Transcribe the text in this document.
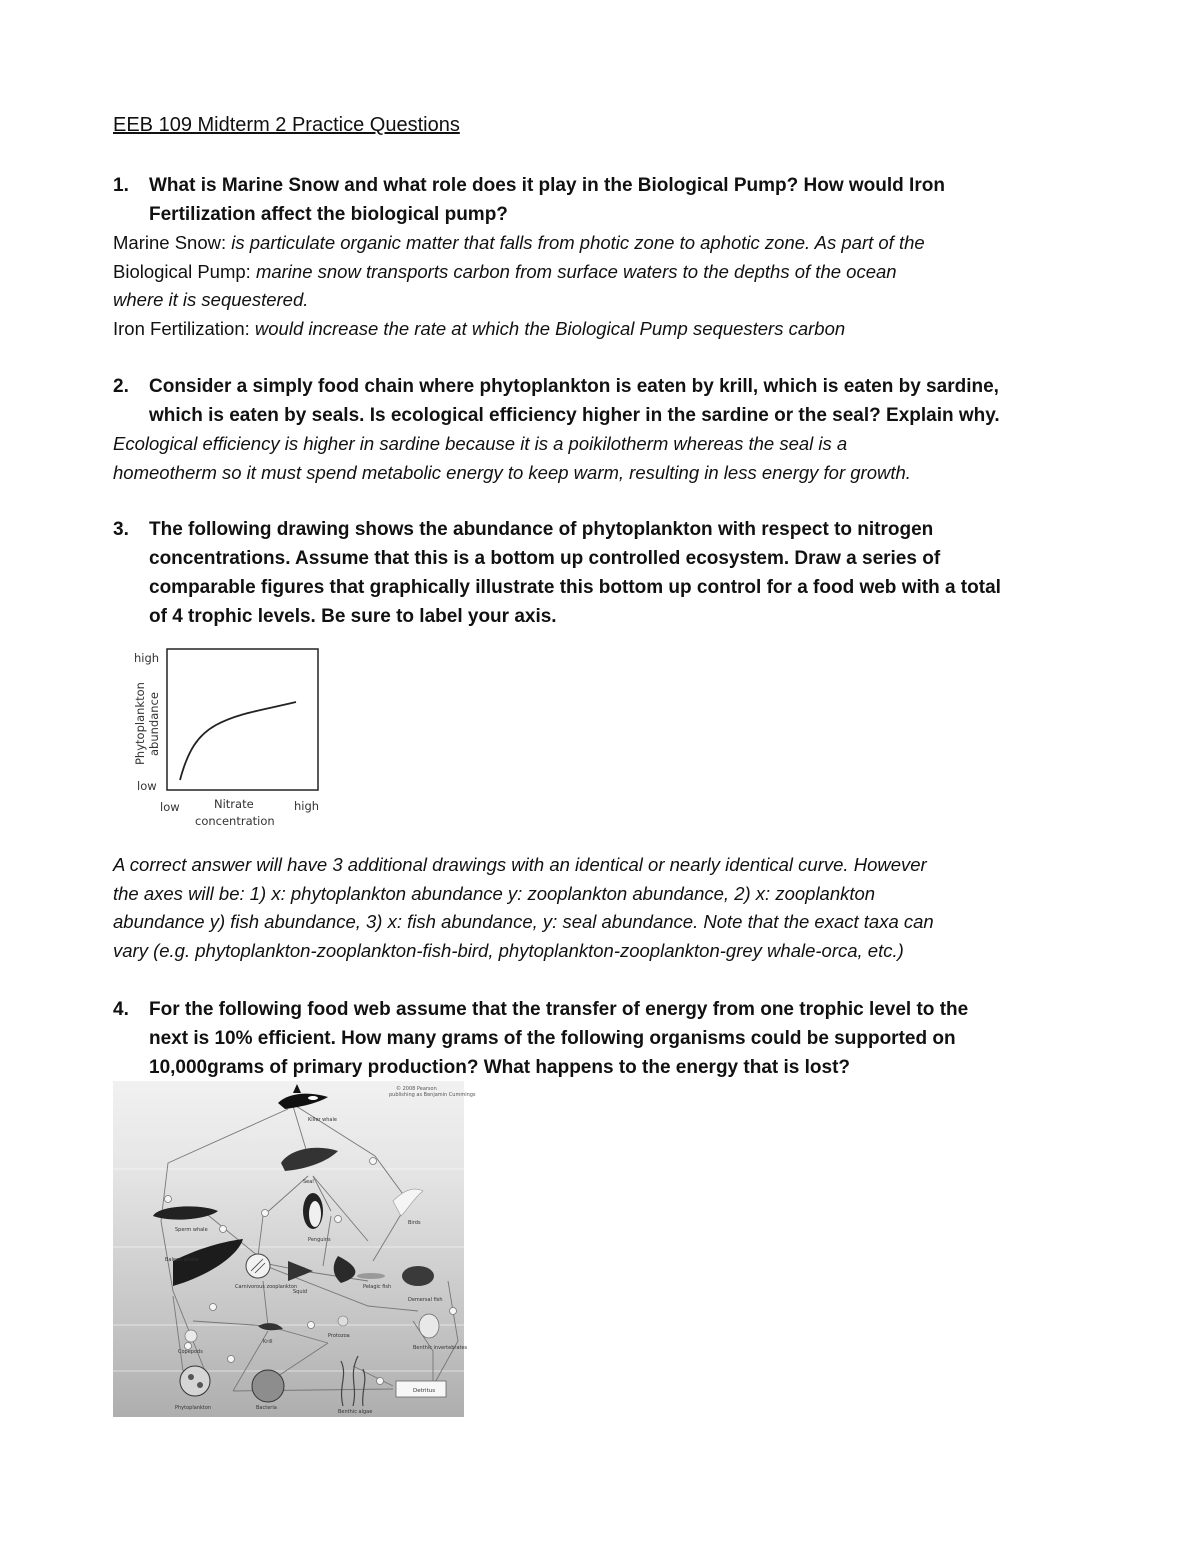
EEB 109 Midterm 2 Practice Questions
1. What is Marine Snow and what role does it play in the Biological Pump? How would Iron
Fertilization affect the biological pump?
Marine Snow: is particulate organic matter that falls from photic zone to aphotic zone. As part of the
Biological Pump: marine snow transports carbon from surface waters to the depths of the ocean
where it is sequestered.
Iron Fertilization: would increase the rate at which the Biological Pump sequesters carbon
2. Consider a simply food chain where phytoplankton is eaten by krill, which is eaten by sardine,
which is eaten by seals. Is ecological efficiency higher in the sardine or the seal? Explain why.
Ecological efficiency is higher in sardine because it is a poikilotherm whereas the seal is a
homeotherm so it must spend metabolic energy to keep warm, resulting in less energy for growth.
3. The following drawing shows the abundance of phytoplankton with respect to nitrogen
concentrations. Assume that this is a bottom up controlled ecosystem. Draw a series of
comparable figures that graphically illustrate this bottom up control for a food web with a total
of 4 trophic levels. Be sure to label your axis.
high
low
Phytoplankton abundance
low	high
Nitrate
concentration
A correct answer will have 3 additional drawings with an identical or nearly identical curve. However
the axes will be: 1) x: phytoplankton abundance y: zooplankton abundance, 2) x: zooplankton
abundance y) fish abundance, 3) x: fish abundance, y: seal abundance. Note that the exact taxa can
vary (e.g. phytoplankton-zooplankton-fish-bird, phytoplankton-zooplankton-grey whale-orca, etc.)
4. For the following food web assume that the transfer of energy from one trophic level to the
next is 10% efficient. How many grams of the following organisms could be supported on
10,000grams of primary production? What happens to the energy that is lost?
© 2008 Pearson
publishing as Benjamin Cummings
Killer whale
Seal
Sperm whale
Penguins
Birds
Baleen whale
Carnivorous zooplankton
Squid
Pelagic fish
Demersal fish
Copepods
Krill
Protozoa
Benthic invertebrates
Phytoplankton	Bacteria
Benthic algae
Detritus
